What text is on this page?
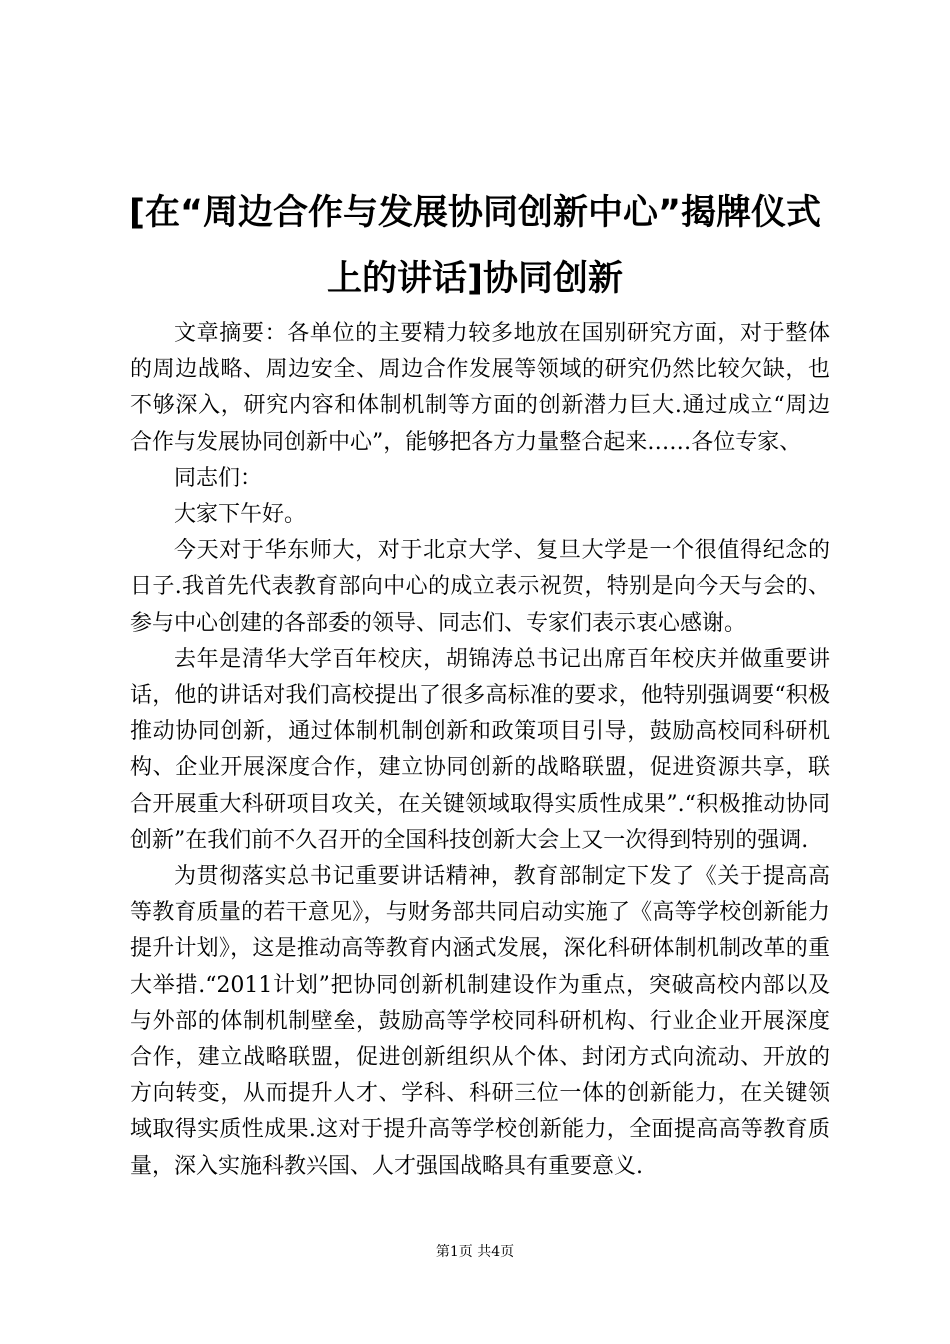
[在“周边合作与发展协同创新中心”揭牌仪式上的讲话]协同创新

文章摘要：各单位的主要精力较多地放在国别研究方面，对于整体的周边战略、周边安全、周边合作发展等领域的研究仍然比较欠缺，也不够深入，研究内容和体制机制等方面的创新潜力巨大.通过成立“周边合作与发展协同创新中心”，能够把各方力量整合起来……各位专家、

同志们：

大家下午好。

今天对于华东师大，对于北京大学、复旦大学是一个很值得纪念的日子.我首先代表教育部向中心的成立表示祝贺，特别是向今天与会的、参与中心创建的各部委的领导、同志们、专家们表示衷心感谢。

去年是清华大学百年校庆，胡锦涛总书记出席百年校庆并做重要讲话，他的讲话对我们高校提出了很多高标准的要求，他特别强调要“积极推动协同创新，通过体制机制创新和政策项目引导，鼓励高校同科研机构、企业开展深度合作，建立协同创新的战略联盟，促进资源共享，联合开展重大科研项目攻关，在关键领域取得实质性成果”.“积极推动协同创新”在我们前不久召开的全国科技创新大会上又一次得到特别的强调.

为贯彻落实总书记重要讲话精神，教育部制定下发了《关于提高高等教育质量的若干意见》，与财务部共同启动实施了《高等学校创新能力提升计划》，这是推动高等教育内涵式发展，深化科研体制机制改革的重大举措.“2011计划”把协同创新机制建设作为重点，突破高校内部以及与外部的体制机制壁垒，鼓励高等学校同科研机构、行业企业开展深度合作，建立战略联盟，促进创新组织从个体、封闭方式向流动、开放的方向转变，从而提升人才、学科、科研三位一体的创新能力，在关键领域取得实质性成果.这对于提升高等学校创新能力，全面提高高等教育质量，深入实施科教兴国、人才强国战略具有重要意义.

第1页 共4页
